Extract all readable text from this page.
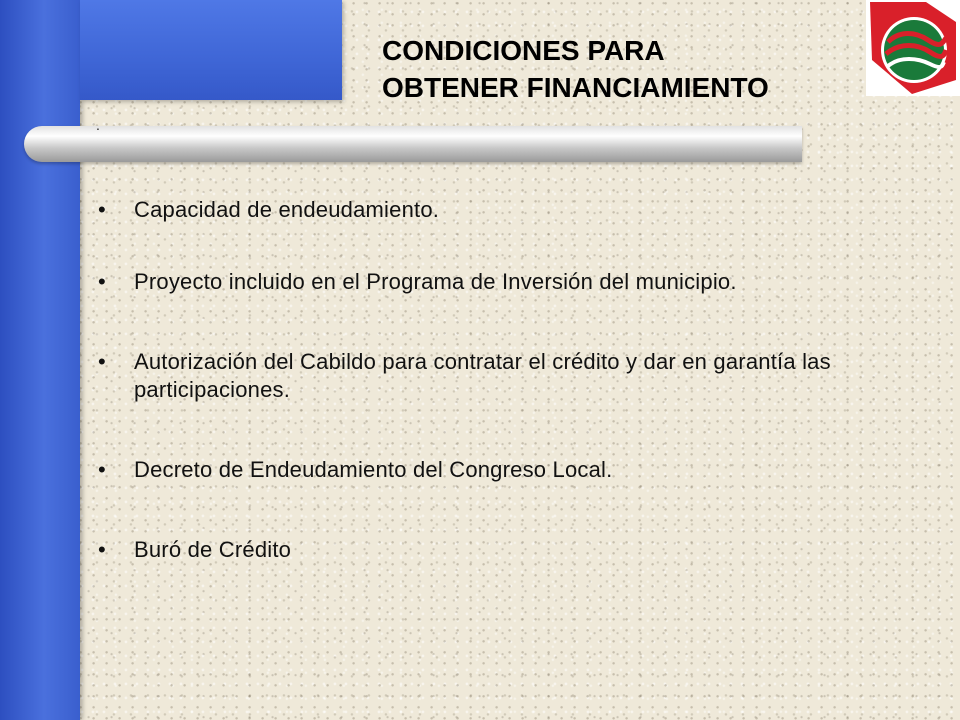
.
CONDICIONES PARA
OBTENER FINANCIAMIENTO
• Capacidad de endeudamiento.
• Proyecto incluido en el Programa de Inversión del municipio.
• Autorización del Cabildo para contratar el crédito y dar en garantía las participaciones.
• Decreto de Endeudamiento del Congreso Local.
• Buró de Crédito
